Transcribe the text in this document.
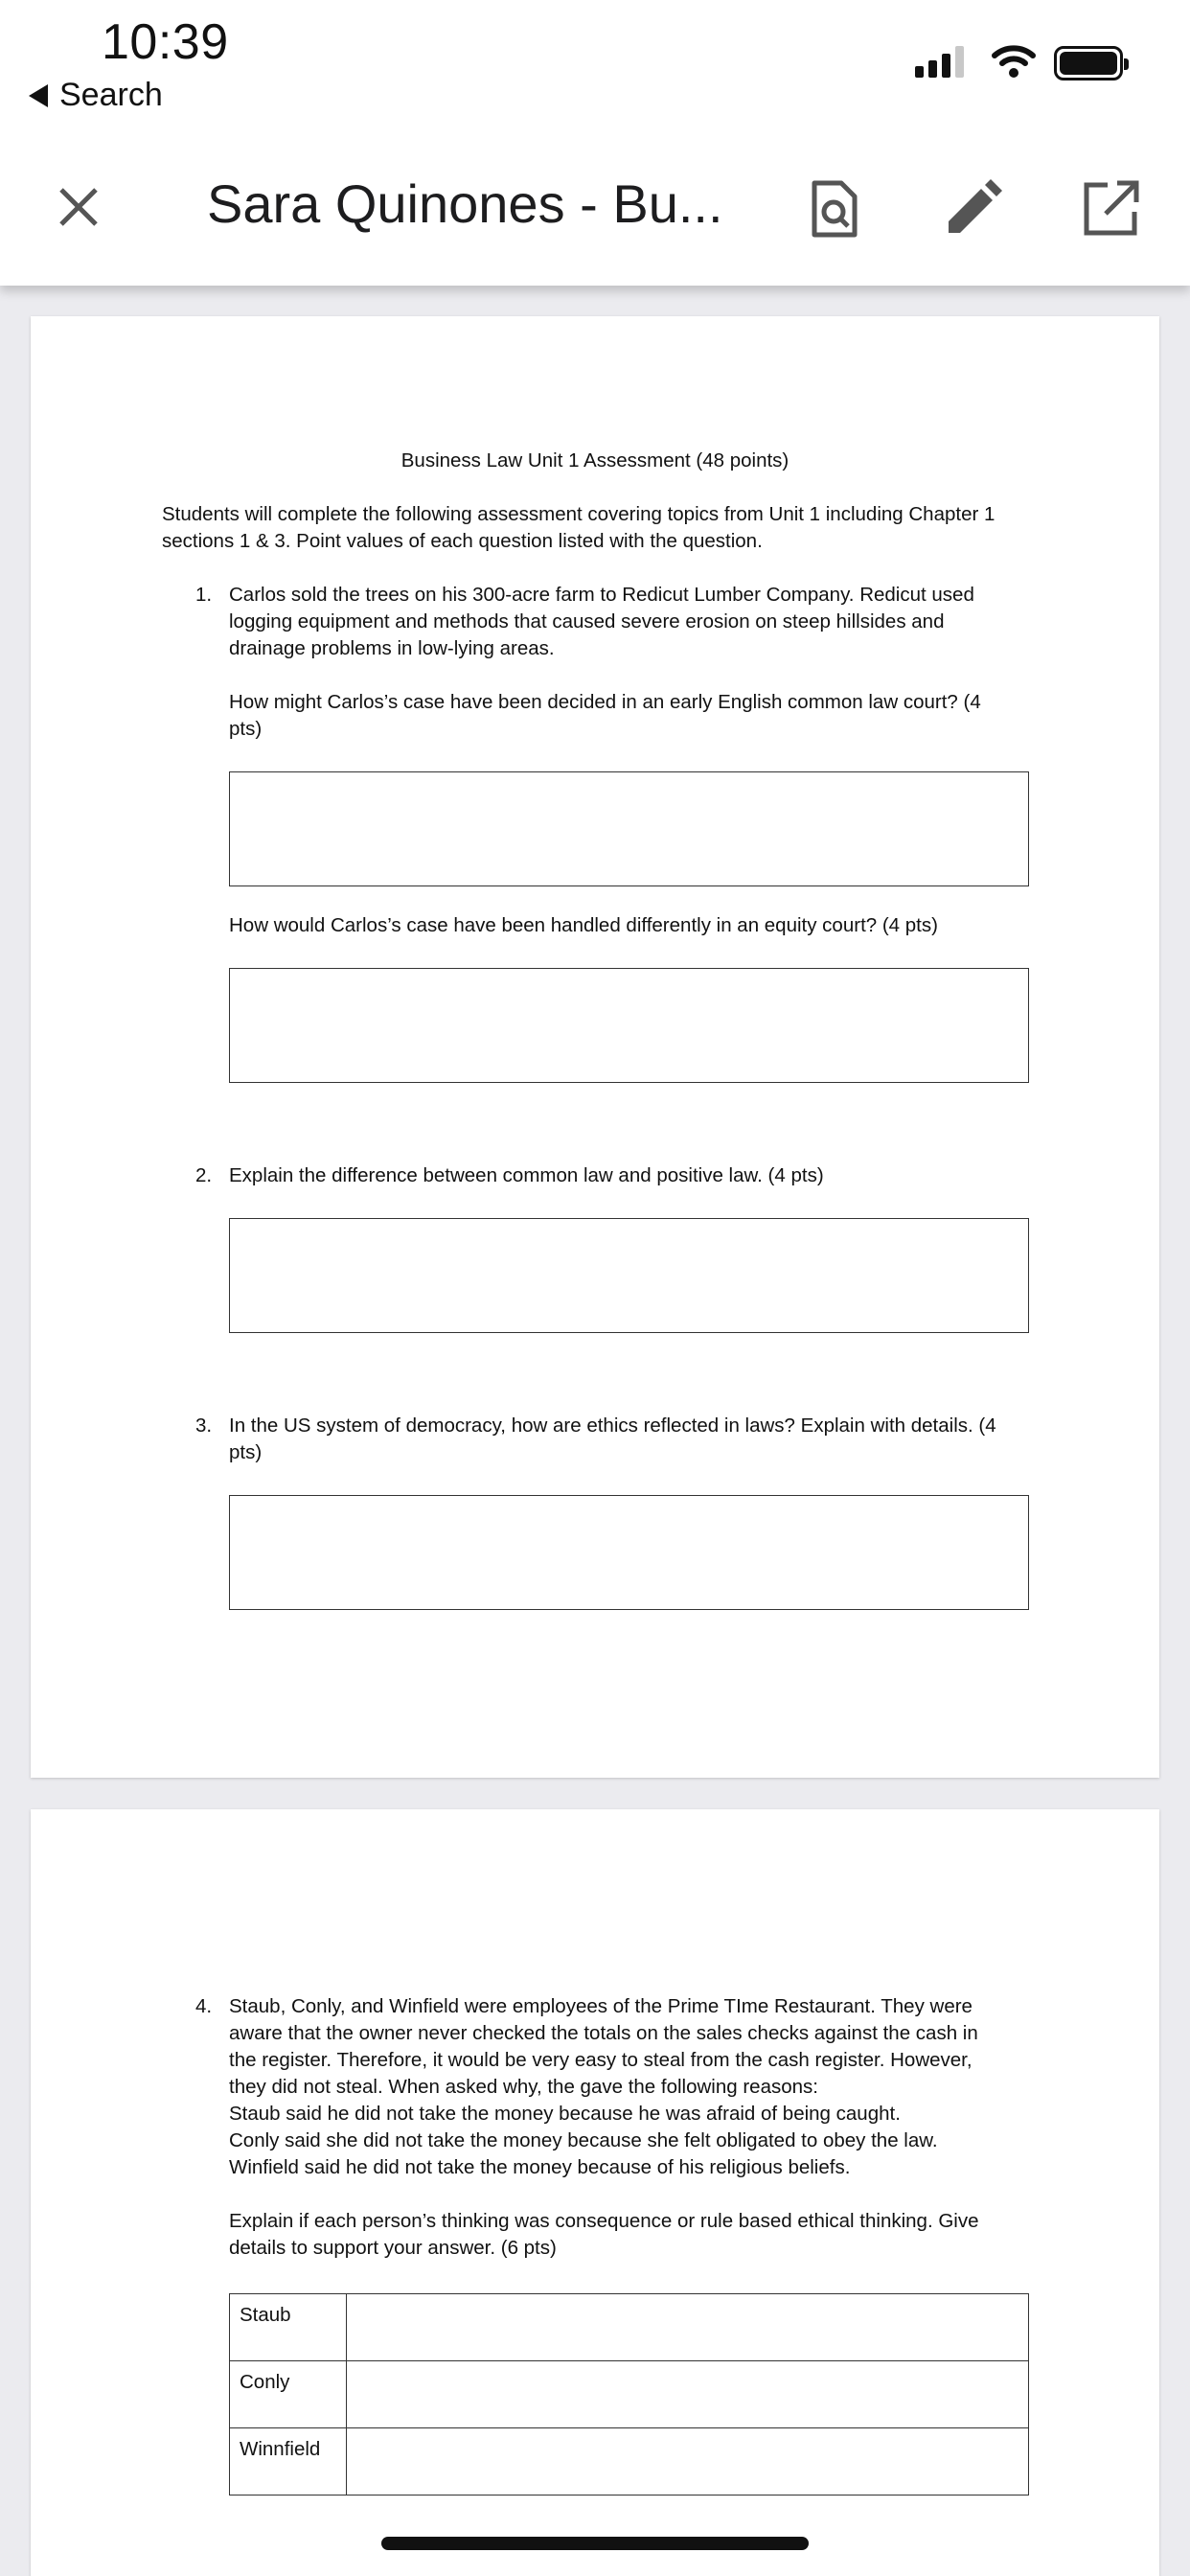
10:39
Search
Sara Quinones - Bu...
Business Law Unit 1 Assessment (48 points)
Students will complete the following assessment covering topics from Unit 1 including Chapter 1
sections 1 & 3. Point values of each question listed with the question.
1. Carlos sold the trees on his 300-acre farm to Redicut Lumber Company. Redicut used
logging equipment and methods that caused severe erosion on steep hillsides and
drainage problems in low-lying areas.
How might Carlos’s case have been decided in an early English common law court? (4
pts)
How would Carlos’s case have been handled differently in an equity court? (4 pts)
2. Explain the difference between common law and positive law. (4 pts)
3. In the US system of democracy, how are ethics reflected in laws? Explain with details. (4
pts)
4. Staub, Conly, and Winfield were employees of the Prime TIme Restaurant. They were
aware that the owner never checked the totals on the sales checks against the cash in
the register. Therefore, it would be very easy to steal from the cash register. However,
they did not steal. When asked why, the gave the following reasons:
Staub said he did not take the money because he was afraid of being caught.
Conly said she did not take the money because she felt obligated to obey the law.
Winfield said he did not take the money because of his religious beliefs.
Explain if each person’s thinking was consequence or rule based ethical thinking. Give
details to support your answer. (6 pts)
Staub	
Conly	
Winnfield	
